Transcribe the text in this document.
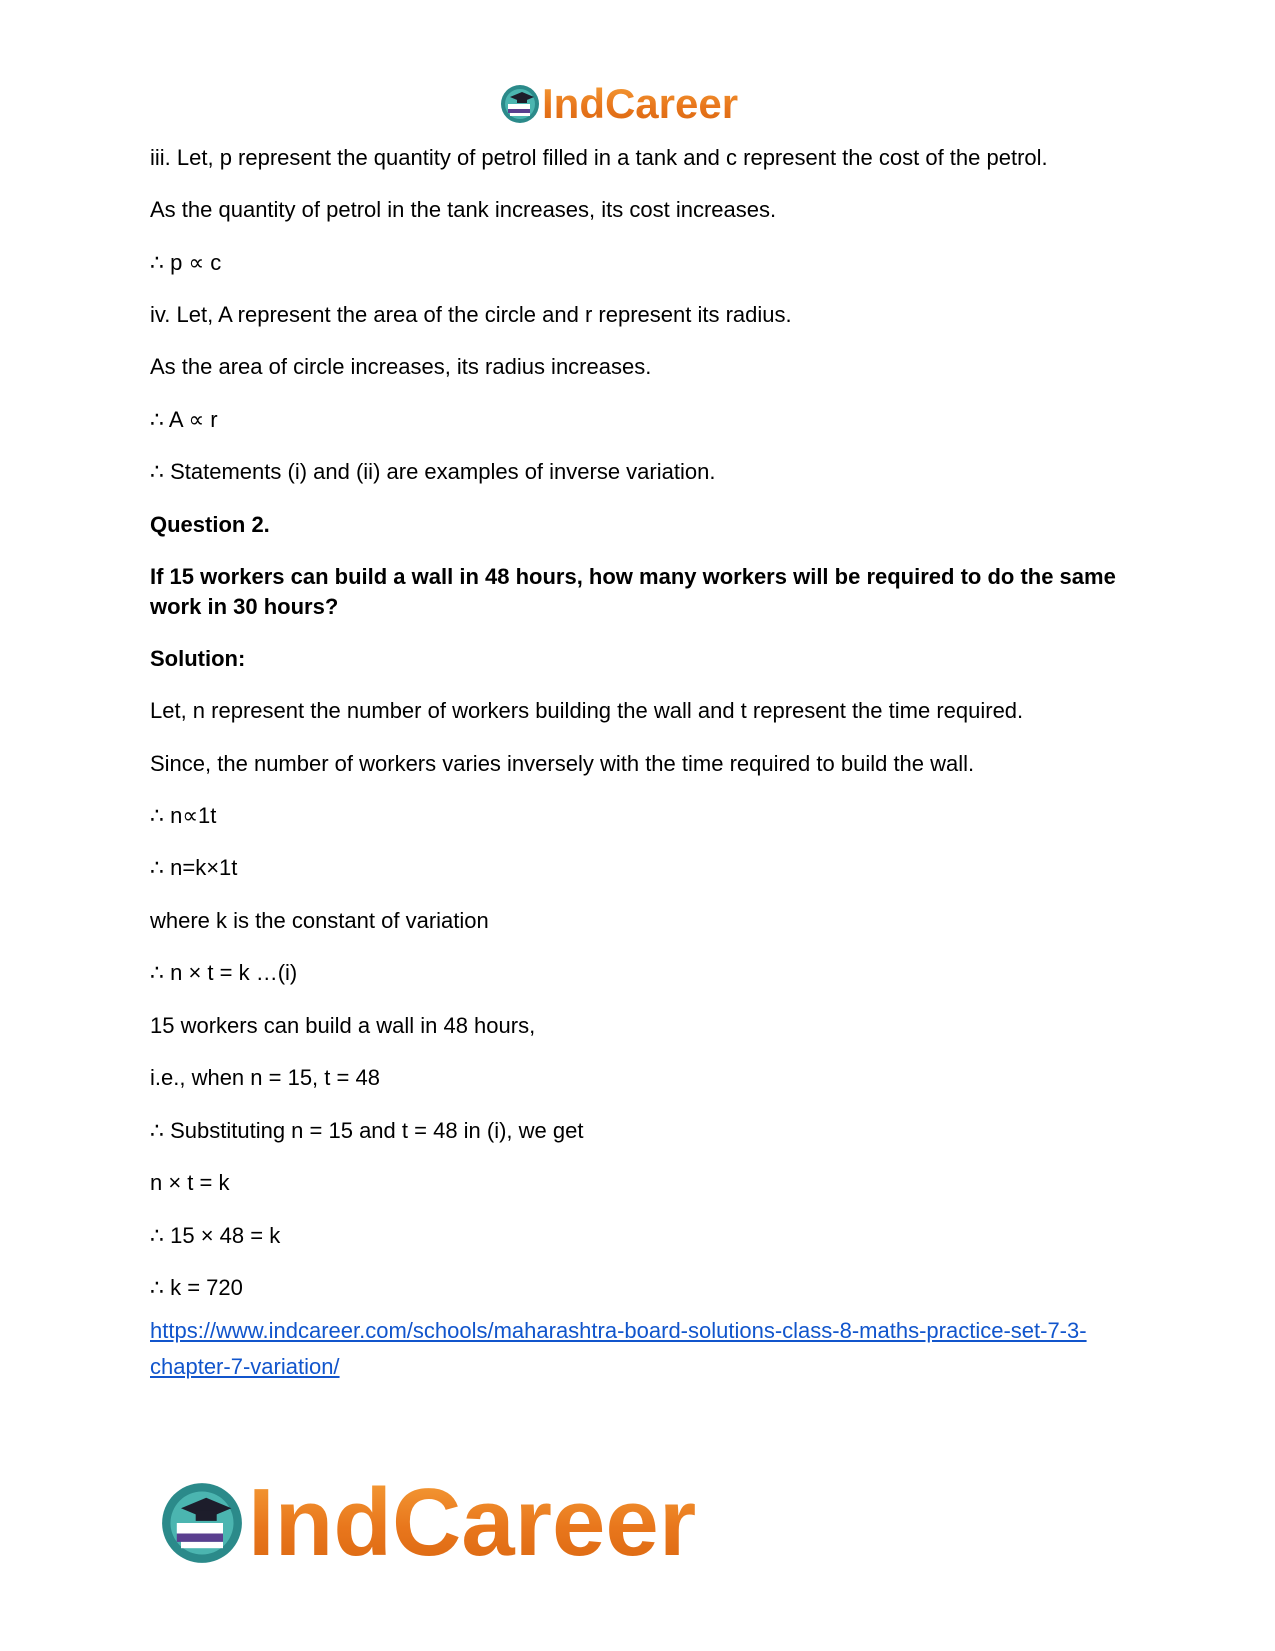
IndCareer
iii. Let, p represent the quantity of petrol filled in a tank and c represent the cost of the petrol.
As the quantity of petrol in the tank increases, its cost increases.
∴ p ∝ c
iv. Let, A represent the area of the circle and r represent its radius.
As the area of circle increases, its radius increases.
∴ A ∝ r
∴ Statements (i) and (ii) are examples of inverse variation.
Question 2.
If 15 workers can build a wall in 48 hours, how many workers will be required to do the same work in 30 hours?
Solution:
Let, n represent the number of workers building the wall and t represent the time required.
Since, the number of workers varies inversely with the time required to build the wall.
∴ n∝1t
∴ n=k×1t
where k is the constant of variation
∴ n × t = k …(i)
15 workers can build a wall in 48 hours,
i.e., when n = 15, t = 48
∴ Substituting n = 15 and t = 48 in (i), we get
n × t = k
∴ 15 × 48 = k
∴ k = 720
https://www.indcareer.com/schools/maharashtra-board-solutions-class-8-maths-practice-set-7-3-chapter-7-variation/
IndCareer
